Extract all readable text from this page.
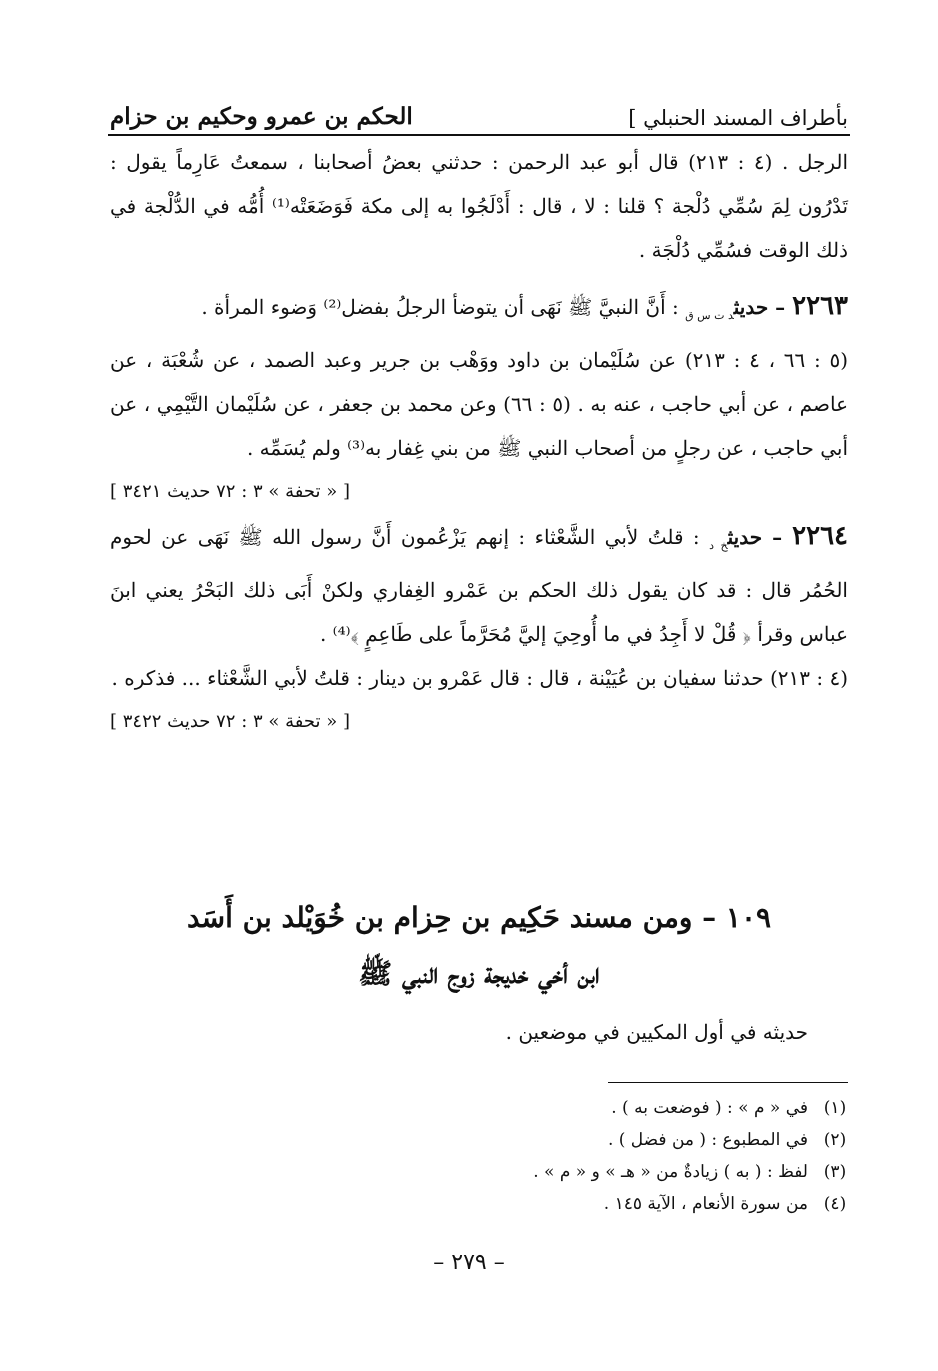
بأطراف المسند الحنبلي ]
الحكم بن عمرو وحكيم بن حزام

الرجل . (٤ : ٢١٣) قال أبو عبد الرحمن : حدثني بعضُ أصحابنا ، سمعتُ عَارِماً يقول : تَدْرُون لِمَ سُمِّي دُلْجة ؟ قلنا : لا ، قال : أَدْلَجُوا به إلى مكة فَوَضَعَتْه⁽¹⁾ أُمُّه في الدُّلْجة في ذلك الوقت فسُمِّي دُلْجَة .

٢٢٦٣ – حديث$_{د ت س ق}$ : أَنَّ النبيَّ ﷺ نَهَى أن يتوضأ الرجلُ بفضل⁽²⁾ وَضوء المرأة .

(٥ : ٦٦ ، ٤ : ٢١٣) عن سُلَيْمان بن داود ووَهْب بن جرير وعبد الصمد ، عن شُعْبَة ، عن عاصم ، عن أبي حاجب ، عنه به . (٥ : ٦٦) وعن محمد بن جعفر ، عن سُلَيْمان التَّيْمِي ، عن أبي حاجب ، عن رجلٍ من أصحاب النبي ﷺ من بني غِفار به⁽³⁾ ولم يُسَمِّه .

[ « تحفة » ٣ : ٧٢ حديث ٣٤٢١ ]

٢٢٦٤ – حديث$_{خ د}$ : قلتُ لأبي الشَّعْثاء : إنهم يَزْعُمون أَنَّ رسول الله ﷺ نَهَى عن لحوم الحُمُر قال : قد كان يقول ذلك الحكم بن عَمْرو الغِفاري ولكنْ أَبَى ذلك البَحْرُ يعني ابنَ عباس وقرأ ﴿ قُلْ لا أَجِدُ في ما أُوحِيَ إليَّ مُحَرَّماً على طَاعِمٍ ﴾⁽⁴⁾ .

(٤ : ٢١٣) حدثنا سفيان بن عُيَيْنة ، قال : قال عَمْرو بن دينار : قلتُ لأبي الشَّعْثاء ... فذكره .

[ « تحفة » ٣ : ٧٢ حديث ٣٤٢٢ ]

١٠٩ – ومن مسند حَكِيم بن حِزام بن خُوَيْلد بن أَسَد
ابن أخي خديجة زوج النبي ﷺ
حديثه في أول المكيين في موضعين .
(١)
في « م » : ( فوضعت به ) .
(٢)
في المطبوع : ( من فضل ) .
(٣)
لفظ : ( به ) زيادةٌ من « هـ » و « م » .
(٤)
من سورة الأنعام ، الآية ١٤٥ .
– ٢٧٩ –
